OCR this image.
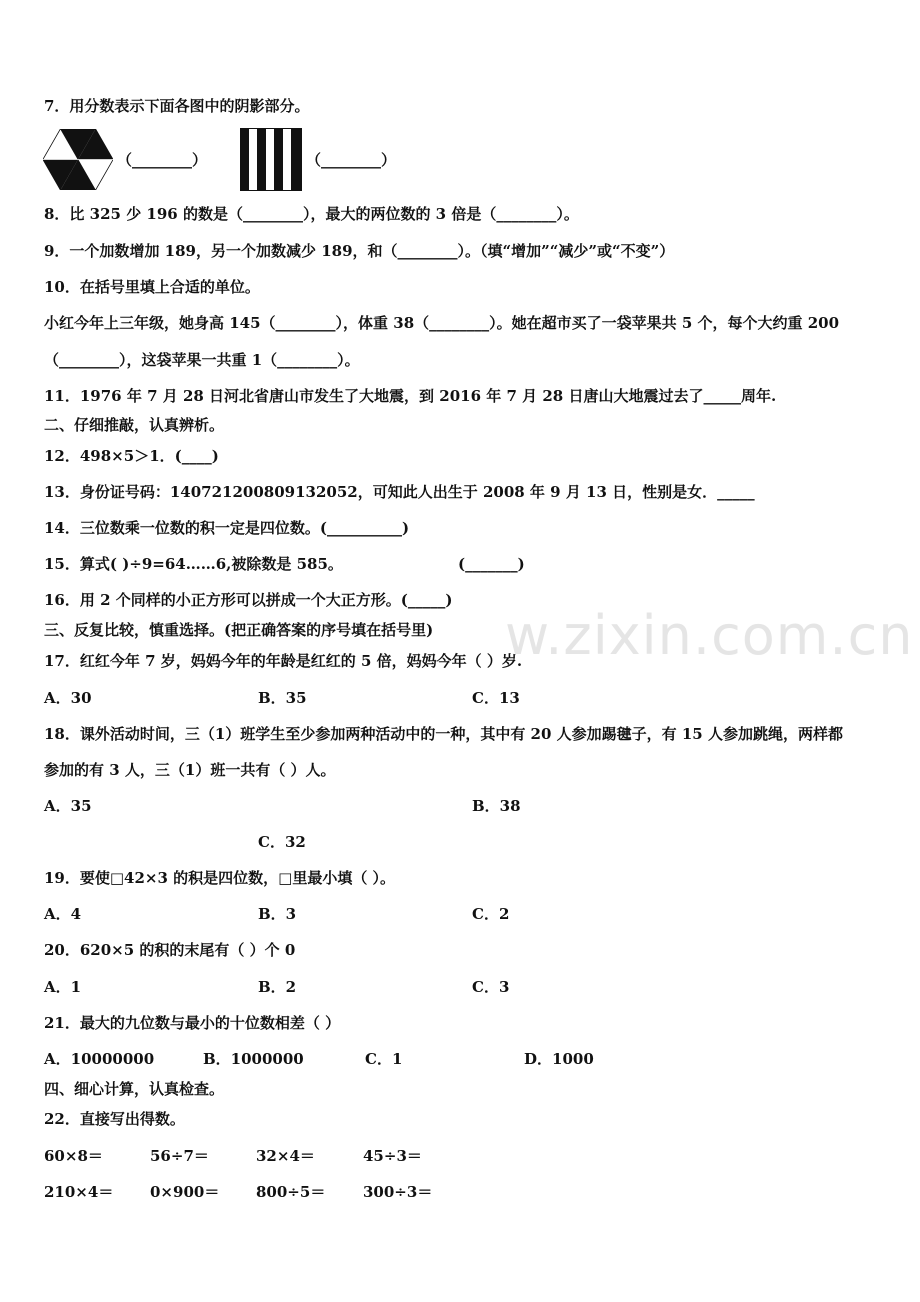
w.zixin.com.cn
7．用分数表示下面各图中的阴影部分。
（________）	（________）
8．比 325 少 196 的数是（________），最大的两位数的 3 倍是（________）。
9．一个加数增加 189，另一个加数减少 189，和（________）。（填“增加”“减少”或“不变”）
10．在括号里填上合适的单位。
小红今年上三年级，她身高 145（________），体重 38（________）。她在超市买了一袋苹果共 5 个，每个大约重 200
（________），这袋苹果一共重 1（________）。
11．1976 年 7 月 28 日河北省唐山市发生了大地震，到 2016 年 7 月 28 日唐山大地震过去了_____周年.
二、仔细推敲，认真辨析。
12．498×5＞1．(____)
13．身份证号码：140721200809132052，可知此人出生于 2008 年 9 月 13 日，性别是女．_____
14．三位数乘一位数的积一定是四位数。(__________)
15．算式( )÷9=64……6,被除数是 585。	(_______)
16．用 2 个同样的小正方形可以拼成一个大正方形。(_____)
三、反复比较，慎重选择。(把正确答案的序号填在括号里)
17．红红今年 7 岁，妈妈今年的年龄是红红的 5 倍，妈妈今年（ ）岁.
A．30	B．35	C．13
18．课外活动时间，三（1）班学生至少参加两种活动中的一种，其中有 20 人参加踢毽子，有 15 人参加跳绳，两样都
参加的有 3 人，三（1）班一共有（ ）人。
A．35	B．38
C．32
19．要使□42×3 的积是四位数，□里最小填（ ）。
A．4	B．3	C．2
20．620×5 的积的末尾有（ ）个 0
A．1	B．2	C．3
21．最大的九位数与最小的十位数相差（ ）
A．10000000	B．1000000	C．1	D．1000
四、细心计算，认真检查。
22．直接写出得数。
60×8＝	56÷7＝	32×4＝	45÷3＝
210×4＝ 0×900＝ 800÷5＝	300÷3＝
